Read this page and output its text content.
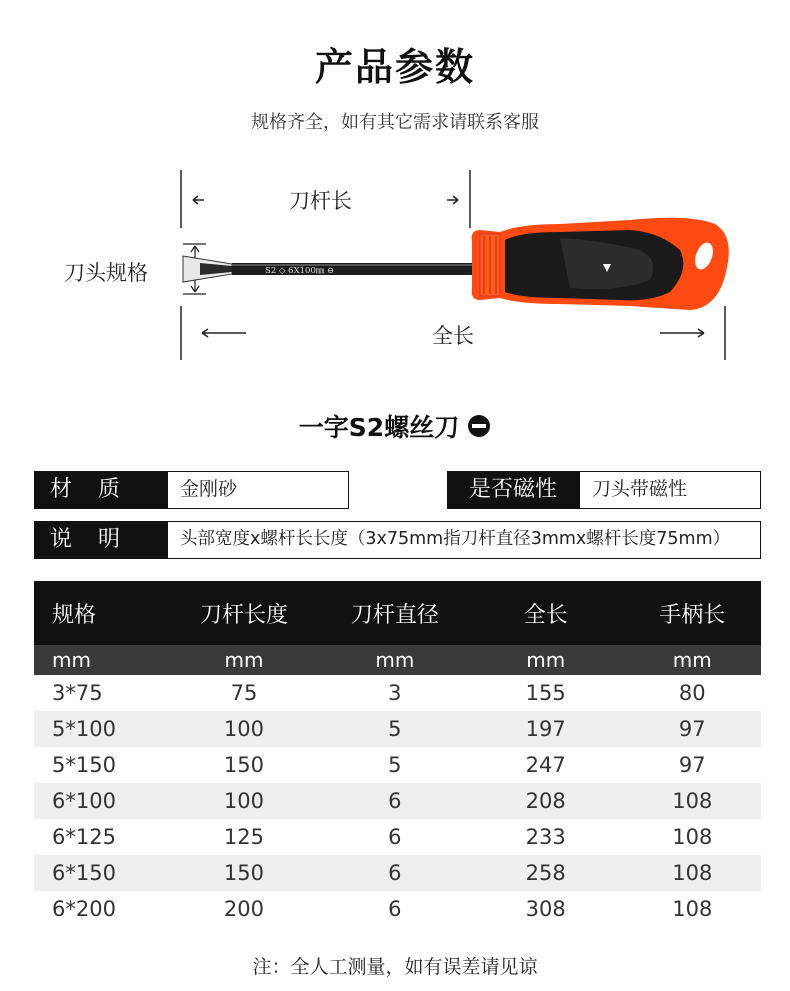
产品参数
规格齐全，如有其它需求请联系客服
S2 ◇ 6X100㎜ ⊖
刀杆长
刀头规格
全长
一字S2螺丝刀
材　质	金刚砂	是否磁性	刀头带磁性
说　明	头部宽度x螺杆长长度（3x75mm指刀杆直径3mmx螺杆长度75mm）
规格	刀杆长度	刀杆直径	全长	手柄长
mm	mm	mm	mm	mm
3*75	75	3	155	80
5*100	100	5	197	97
5*150	150	5	247	97
6*100	100	6	208	108
6*125	125	6	233	108
6*150	150	6	258	108
6*200	200	6	308	108
注：全人工测量，如有误差请见谅
